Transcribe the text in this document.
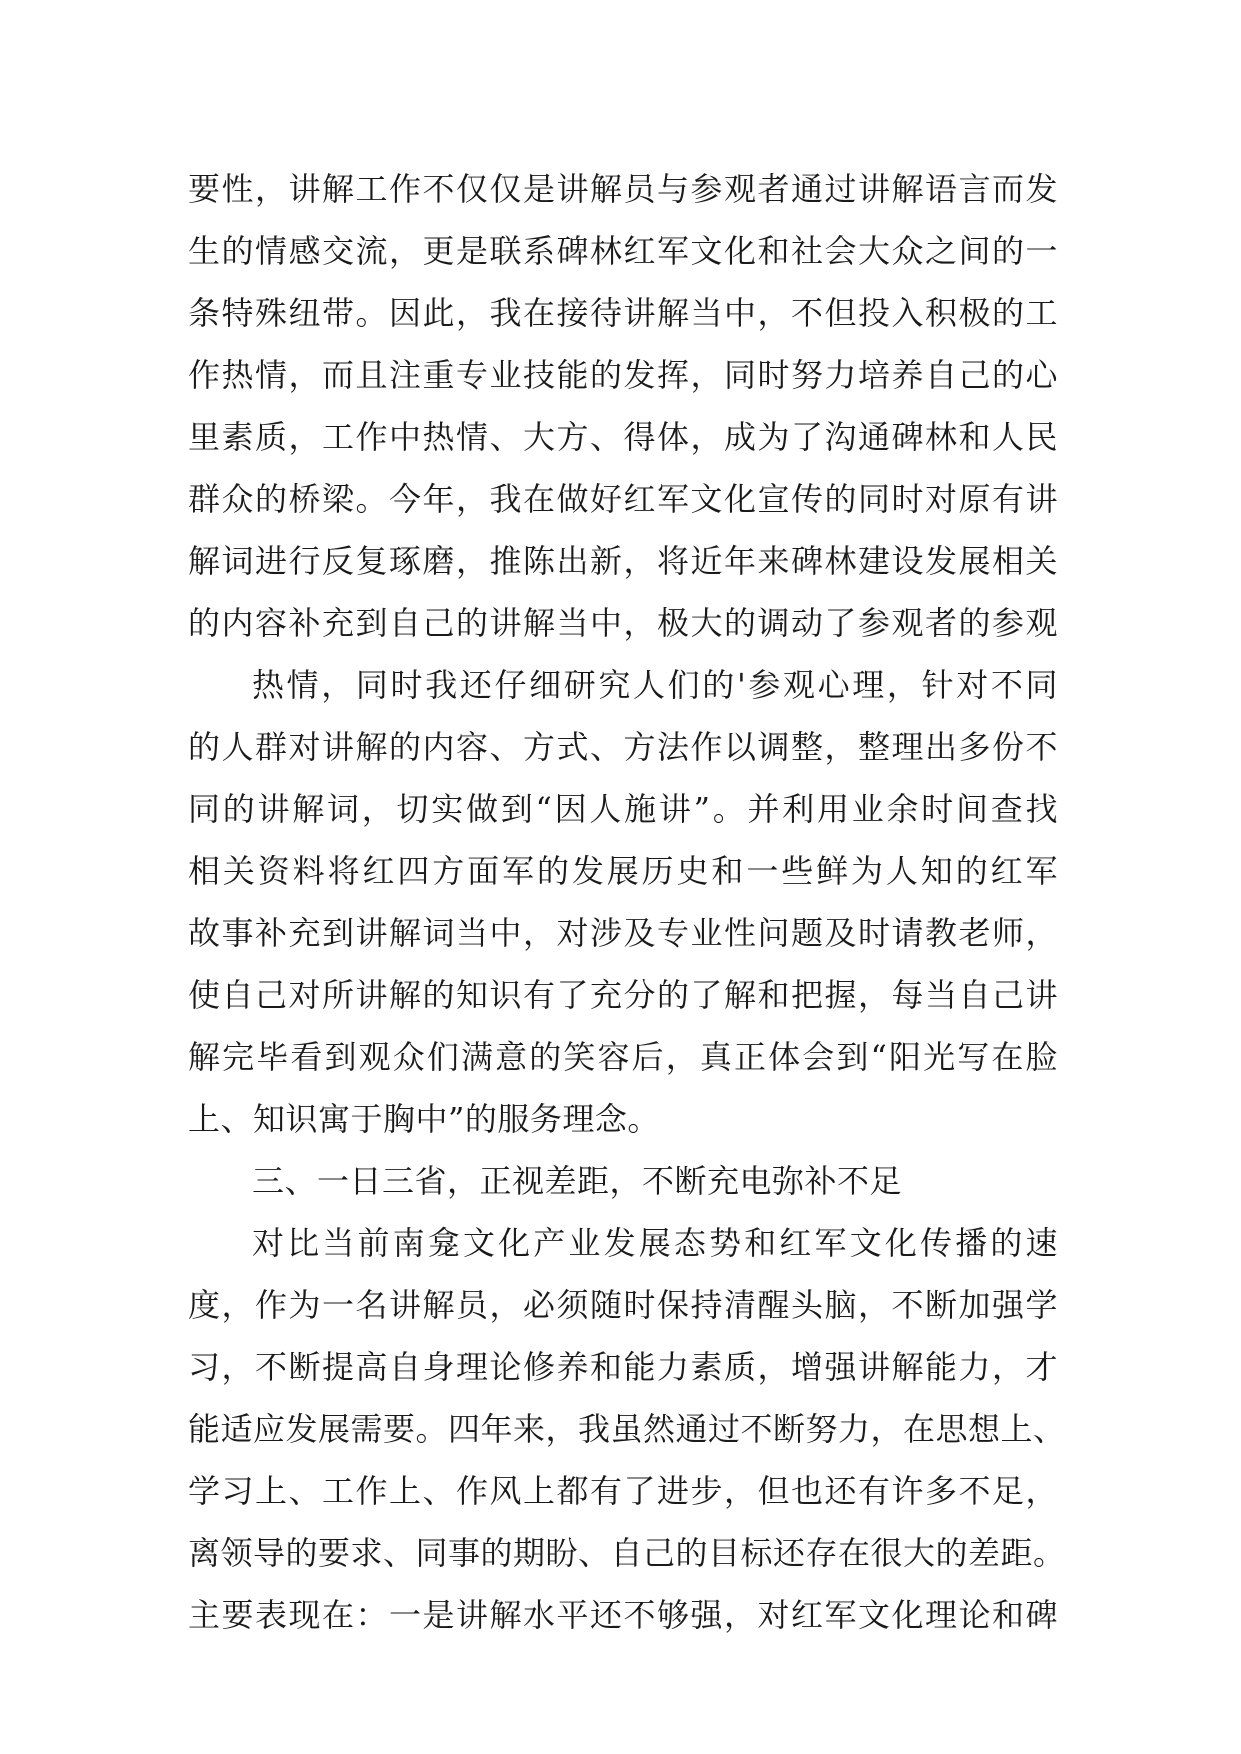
要性，讲解工作不仅仅是讲解员与参观者通过讲解语言而发
生的情感交流，更是联系碑林红军文化和社会大众之间的一
条特殊纽带。因此，我在接待讲解当中，不但投入积极的工
作热情，而且注重专业技能的发挥，同时努力培养自己的心
里素质，工作中热情、大方、得体，成为了沟通碑林和人民
群众的桥梁。今年，我在做好红军文化宣传的同时对原有讲
解词进行反复琢磨，推陈出新，将近年来碑林建设发展相关
的内容补充到自己的讲解当中，极大的调动了参观者的参观
热情，同时我还仔细研究人们的'参观心理，针对不同
的人群对讲解的内容、方式、方法作以调整，整理出多份不
同的讲解词，切实做到“因人施讲”。并利用业余时间查找
相关资料将红四方面军的发展历史和一些鲜为人知的红军
故事补充到讲解词当中，对涉及专业性问题及时请教老师，
使自己对所讲解的知识有了充分的了解和把握，每当自己讲
解完毕看到观众们满意的笑容后，真正体会到“阳光写在脸
上、知识寓于胸中”的服务理念。
三、一日三省，正视差距，不断充电弥补不足
对比当前南龛文化产业发展态势和红军文化传播的速
度，作为一名讲解员，必须随时保持清醒头脑，不断加强学
习，不断提高自身理论修养和能力素质，增强讲解能力，才
能适应发展需要。四年来，我虽然通过不断努力，在思想上、
学习上、工作上、作风上都有了进步，但也还有许多不足，
离领导的要求、同事的期盼、自己的目标还存在很大的差距。
主要表现在：一是讲解水平还不够强，对红军文化理论和碑
